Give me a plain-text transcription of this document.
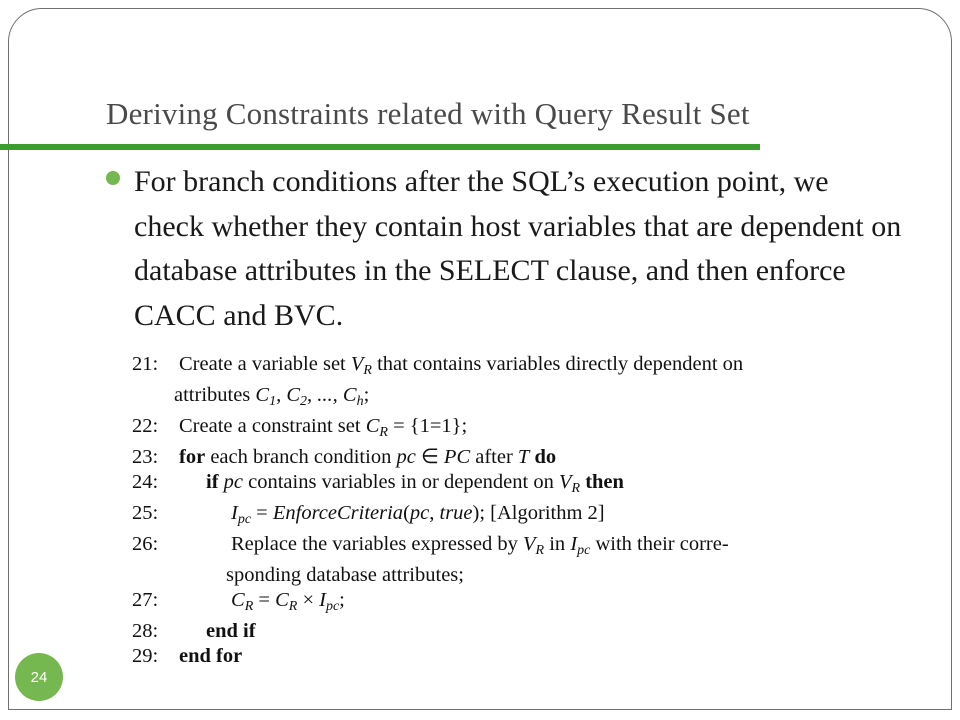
Deriving Constraints related with Query Result Set
For branch conditions after the SQL’s execution point, we check whether they contain host variables that are dependent on database attributes in the SELECT clause, and then enforce CACC and BVC.
21:	Create a variable set $V_R$ that contains variables directly dependent on
attributes $C_1$, $C_2$, ..., $C_h$;
22:	Create a constraint set $C_R = \{1=1\}$;
23:	for each branch condition pc ∈ PC after T do
24:	if pc contains variables in or dependent on $V_R$ then
25:	$I_{pc}$ = EnforceCriteria(pc, true); [Algorithm 2]
26:	Replace the variables expressed by $V_R$ in $I_{pc}$ with their corre-
sponding database attributes;
27:	$C_R = C_R \times I_{pc}$;
28:	end if
29:	end for
24
